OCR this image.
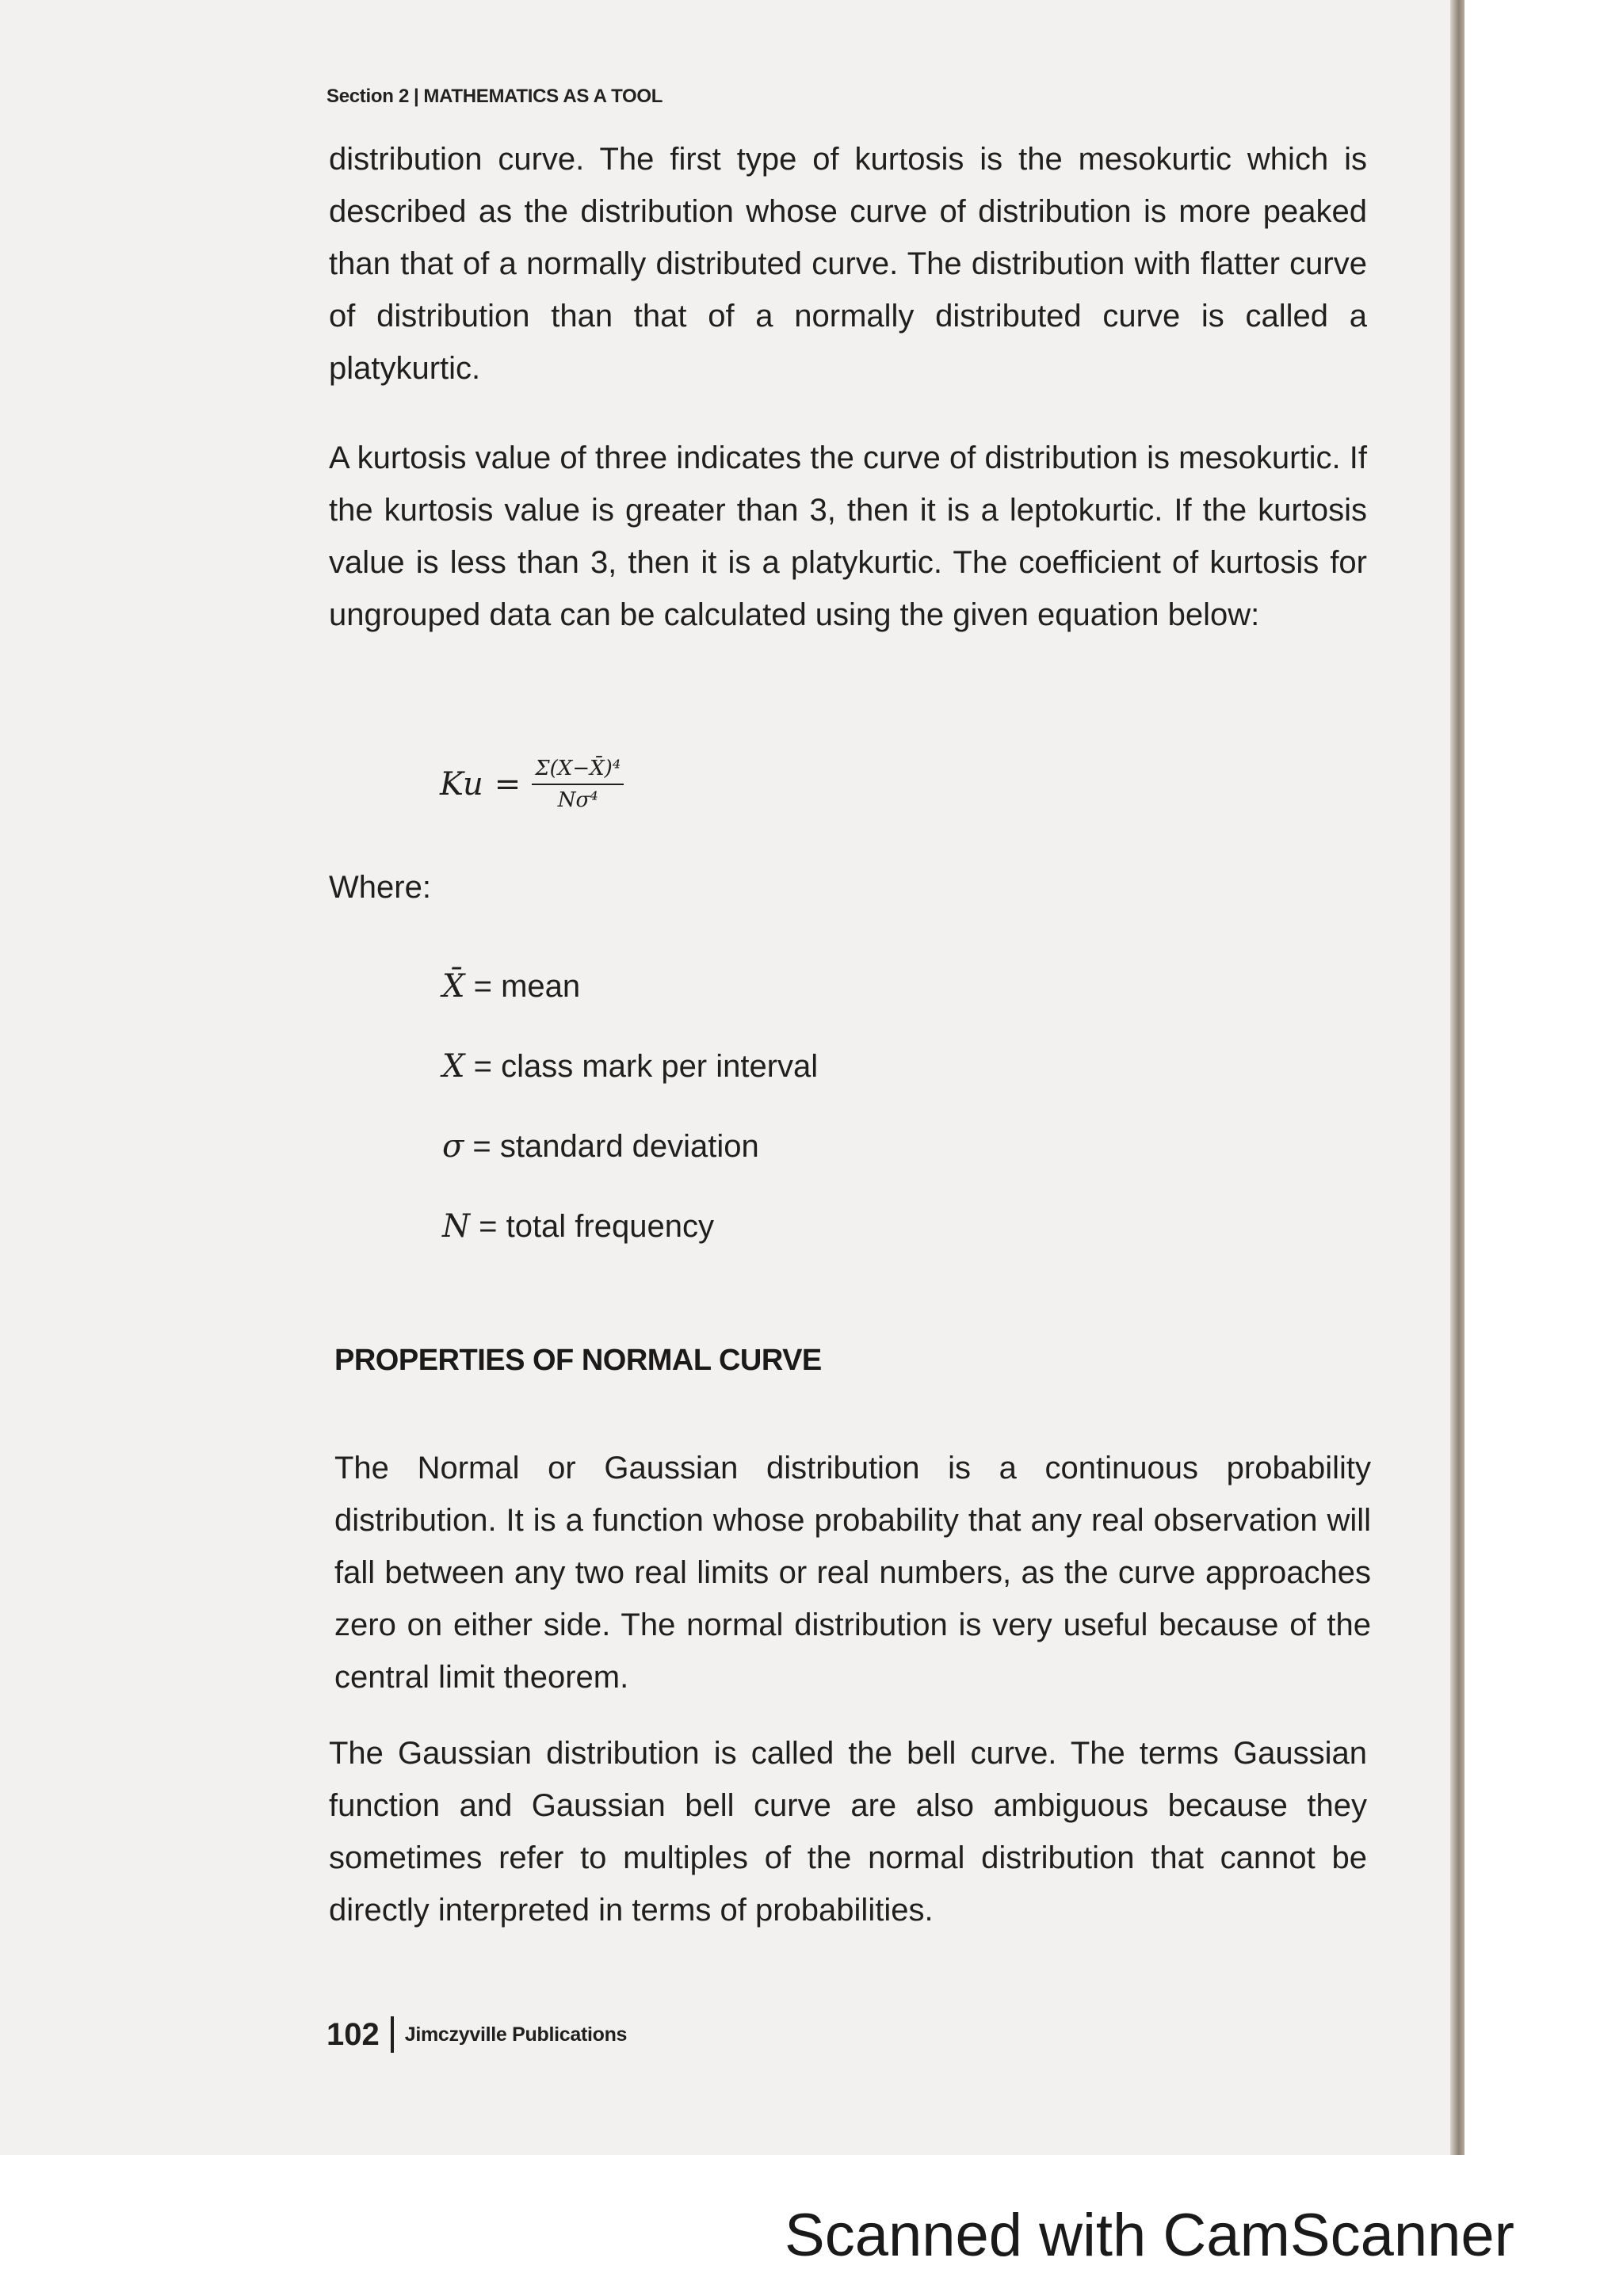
Section 2 | MATHEMATICS AS A TOOL

distribution curve. The first type of kurtosis is the mesokurtic which is described as the distribution whose curve of distribution is more peaked than that of a normally distributed curve. The distribution with flatter curve of distribution than that of a normally distributed curve is called a platykurtic.

A kurtosis value of three indicates the curve of distribution is mesokurtic. If the kurtosis value is greater than 3, then it is a leptokurtic. If the kurtosis value is less than 3, then it is a platykurtic. The coefficient of kurtosis for ungrouped data can be calculated using the given equation below:

$Ku = \frac{\text{Σ(X−X̄)⁴}}{\text{Nσ⁴}}$
Where:
X̄ = mean
X = class mark per interval
σ = standard deviation
N = total frequency
PROPERTIES OF NORMAL CURVE

The Normal or Gaussian distribution is a continuous probability distribution. It is a function whose probability that any real observation will fall between any two real limits or real numbers, as the curve approaches zero on either side. The normal distribution is very useful because of the central limit theorem.

The Gaussian distribution is called the bell curve. The terms Gaussian function and Gaussian bell curve are also ambiguous because they sometimes refer to multiples of the normal distribution that cannot be directly interpreted in terms of probabilities.

102 Jimczyville Publications
Scanned with CamScanner
